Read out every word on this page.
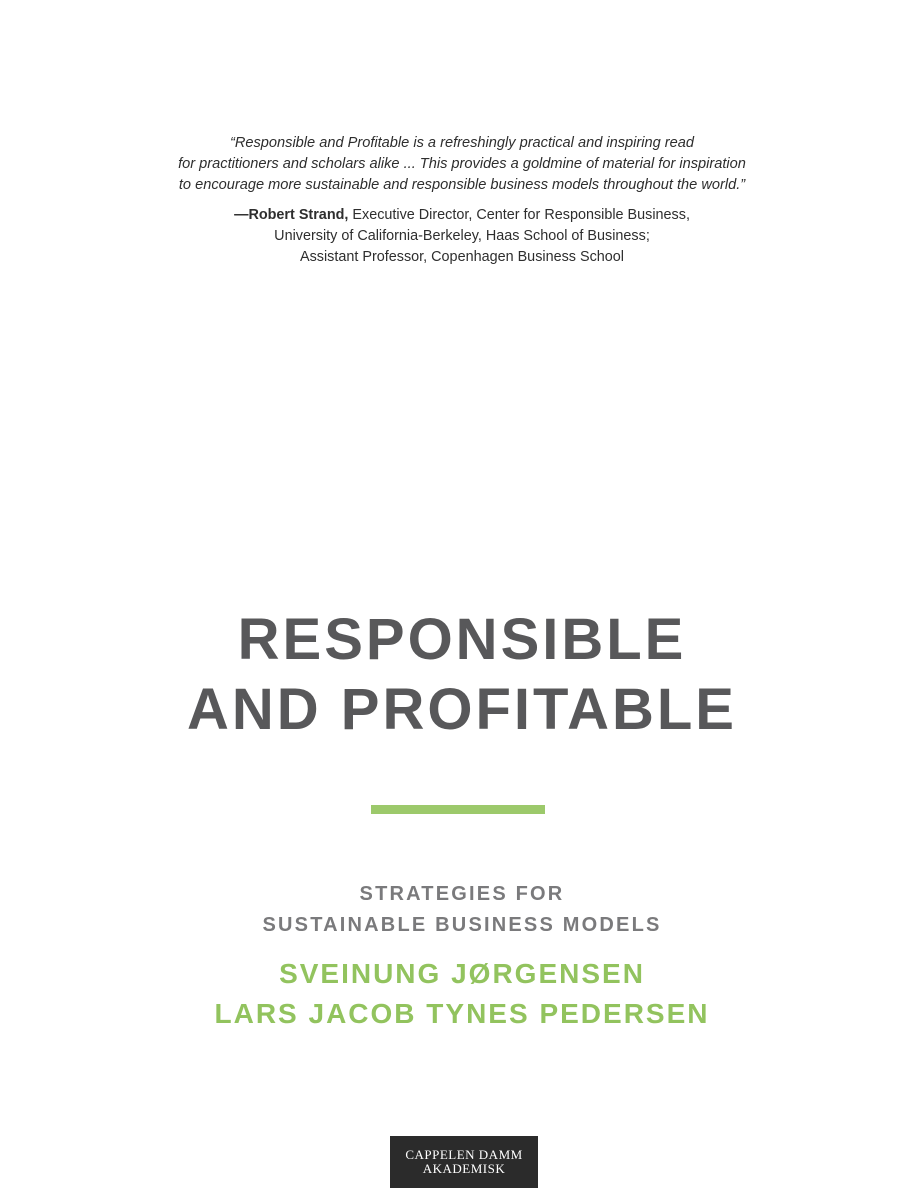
“Responsible and Profitable is a refreshingly practical and inspiring read
for practitioners and scholars alike ... This provides a goldmine of material for inspiration
to encourage more sustainable and responsible business models throughout the world.”
—Robert Strand, Executive Director, Center for Responsible Business,
University of California-Berkeley, Haas School of Business;
Assistant Professor, Copenhagen Business School
RESPONSIBLE
AND PROFITABLE
STRATEGIES FOR
SUSTAINABLE BUSINESS MODELS
SVEINUNG JØRGENSEN
LARS JACOB TYNES PEDERSEN
CAPPELEN DAMM
AKADEMISK
